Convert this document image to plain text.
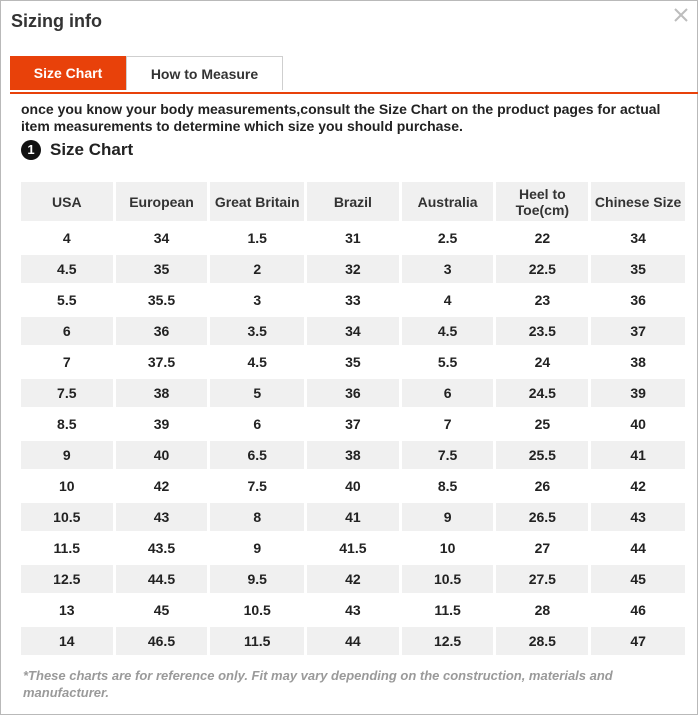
Sizing info
Size Chart	How to Measure
once you know your body measurements,consult the Size Chart on the product pages for actual item measurements to determine which size you should purchase.
1 Size Chart
USA	European	Great Britain	Brazil	Australia	Heel to Toe(cm)	Chinese Size
4	34	1.5	31	2.5	22	34
4.5	35	2	32	3	22.5	35
5.5	35.5	3	33	4	23	36
6	36	3.5	34	4.5	23.5	37
7	37.5	4.5	35	5.5	24	38
7.5	38	5	36	6	24.5	39
8.5	39	6	37	7	25	40
9	40	6.5	38	7.5	25.5	41
10	42	7.5	40	8.5	26	42
10.5	43	8	41	9	26.5	43
11.5	43.5	9	41.5	10	27	44
12.5	44.5	9.5	42	10.5	27.5	45
13	45	10.5	43	11.5	28	46
14	46.5	11.5	44	12.5	28.5	47
*These charts are for reference only. Fit may vary depending on the construction, materials and manufacturer.
